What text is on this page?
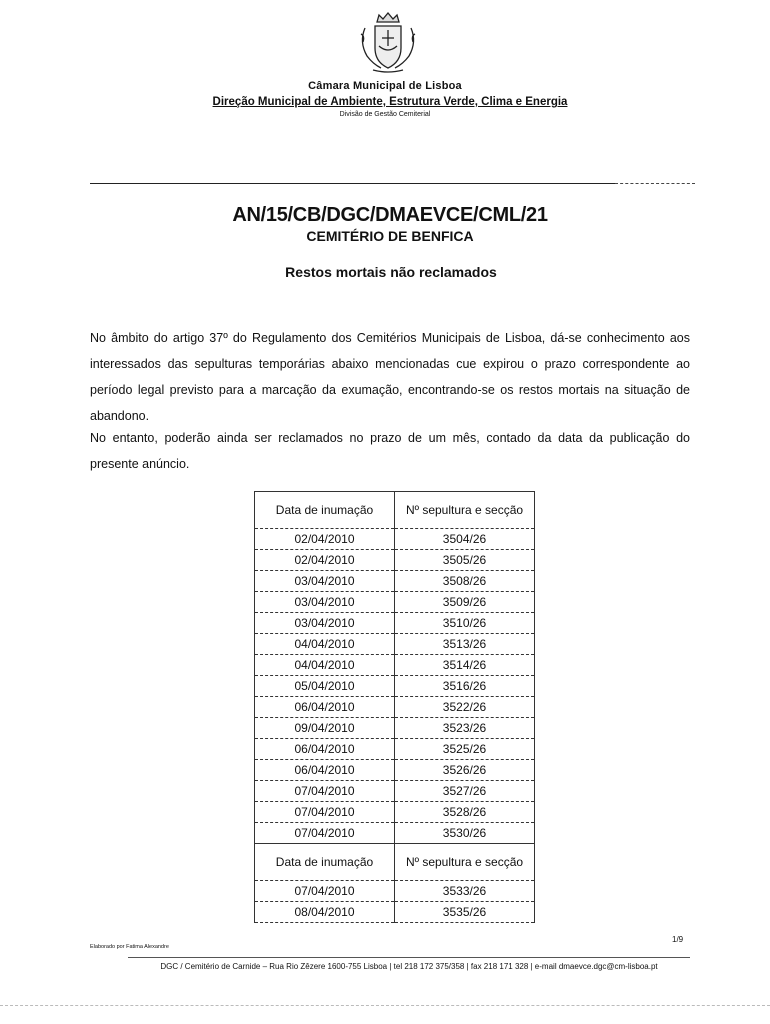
Câmara Municipal de Lisboa
Direção Municipal de Ambiente, Estrutura Verde, Clima e Energia
Divisão de Gestão Cemiterial
AN/15/CB/DGC/DMAEVCE/CML/21
CEMITÉRIO DE BENFICA
Restos mortais não reclamados
No âmbito do artigo 37º do Regulamento dos Cemitérios Municipais de Lisboa, dá-se conhecimento aos interessados das sepulturas temporárias abaixo mencionadas cue expirou o prazo correspondente ao período legal previsto para a marcação da exumação, encontrando-se os restos mortais na situação de abandono.
No entanto, poderão ainda ser reclamados no prazo de um mês, contado da data da publicação do presente anúncio.
Data de inumação	Nº sepultura e secção
02/04/2010	3504/26
02/04/2010	3505/26
03/04/2010	3508/26
03/04/2010	3509/26
03/04/2010	3510/26
04/04/2010	3513/26
04/04/2010	3514/26
05/04/2010	3516/26
06/04/2010	3522/26
09/04/2010	3523/26
06/04/2010	3525/26
06/04/2010	3526/26
07/04/2010	3527/26
07/04/2010	3528/26
07/04/2010	3530/26
Data de inumação	Nº sepultura e secção
07/04/2010	3533/26
08/04/2010	3535/26
Elaborado por Fatima Alexandre
1/9
DGC / Cemitério de Carnide – Rua Rio Zêzere 1600-755 Lisboa | tel 218 172 375/358 | fax 218 171 328 | e-mail dmaevce.dgc@cm-lisboa.pt
